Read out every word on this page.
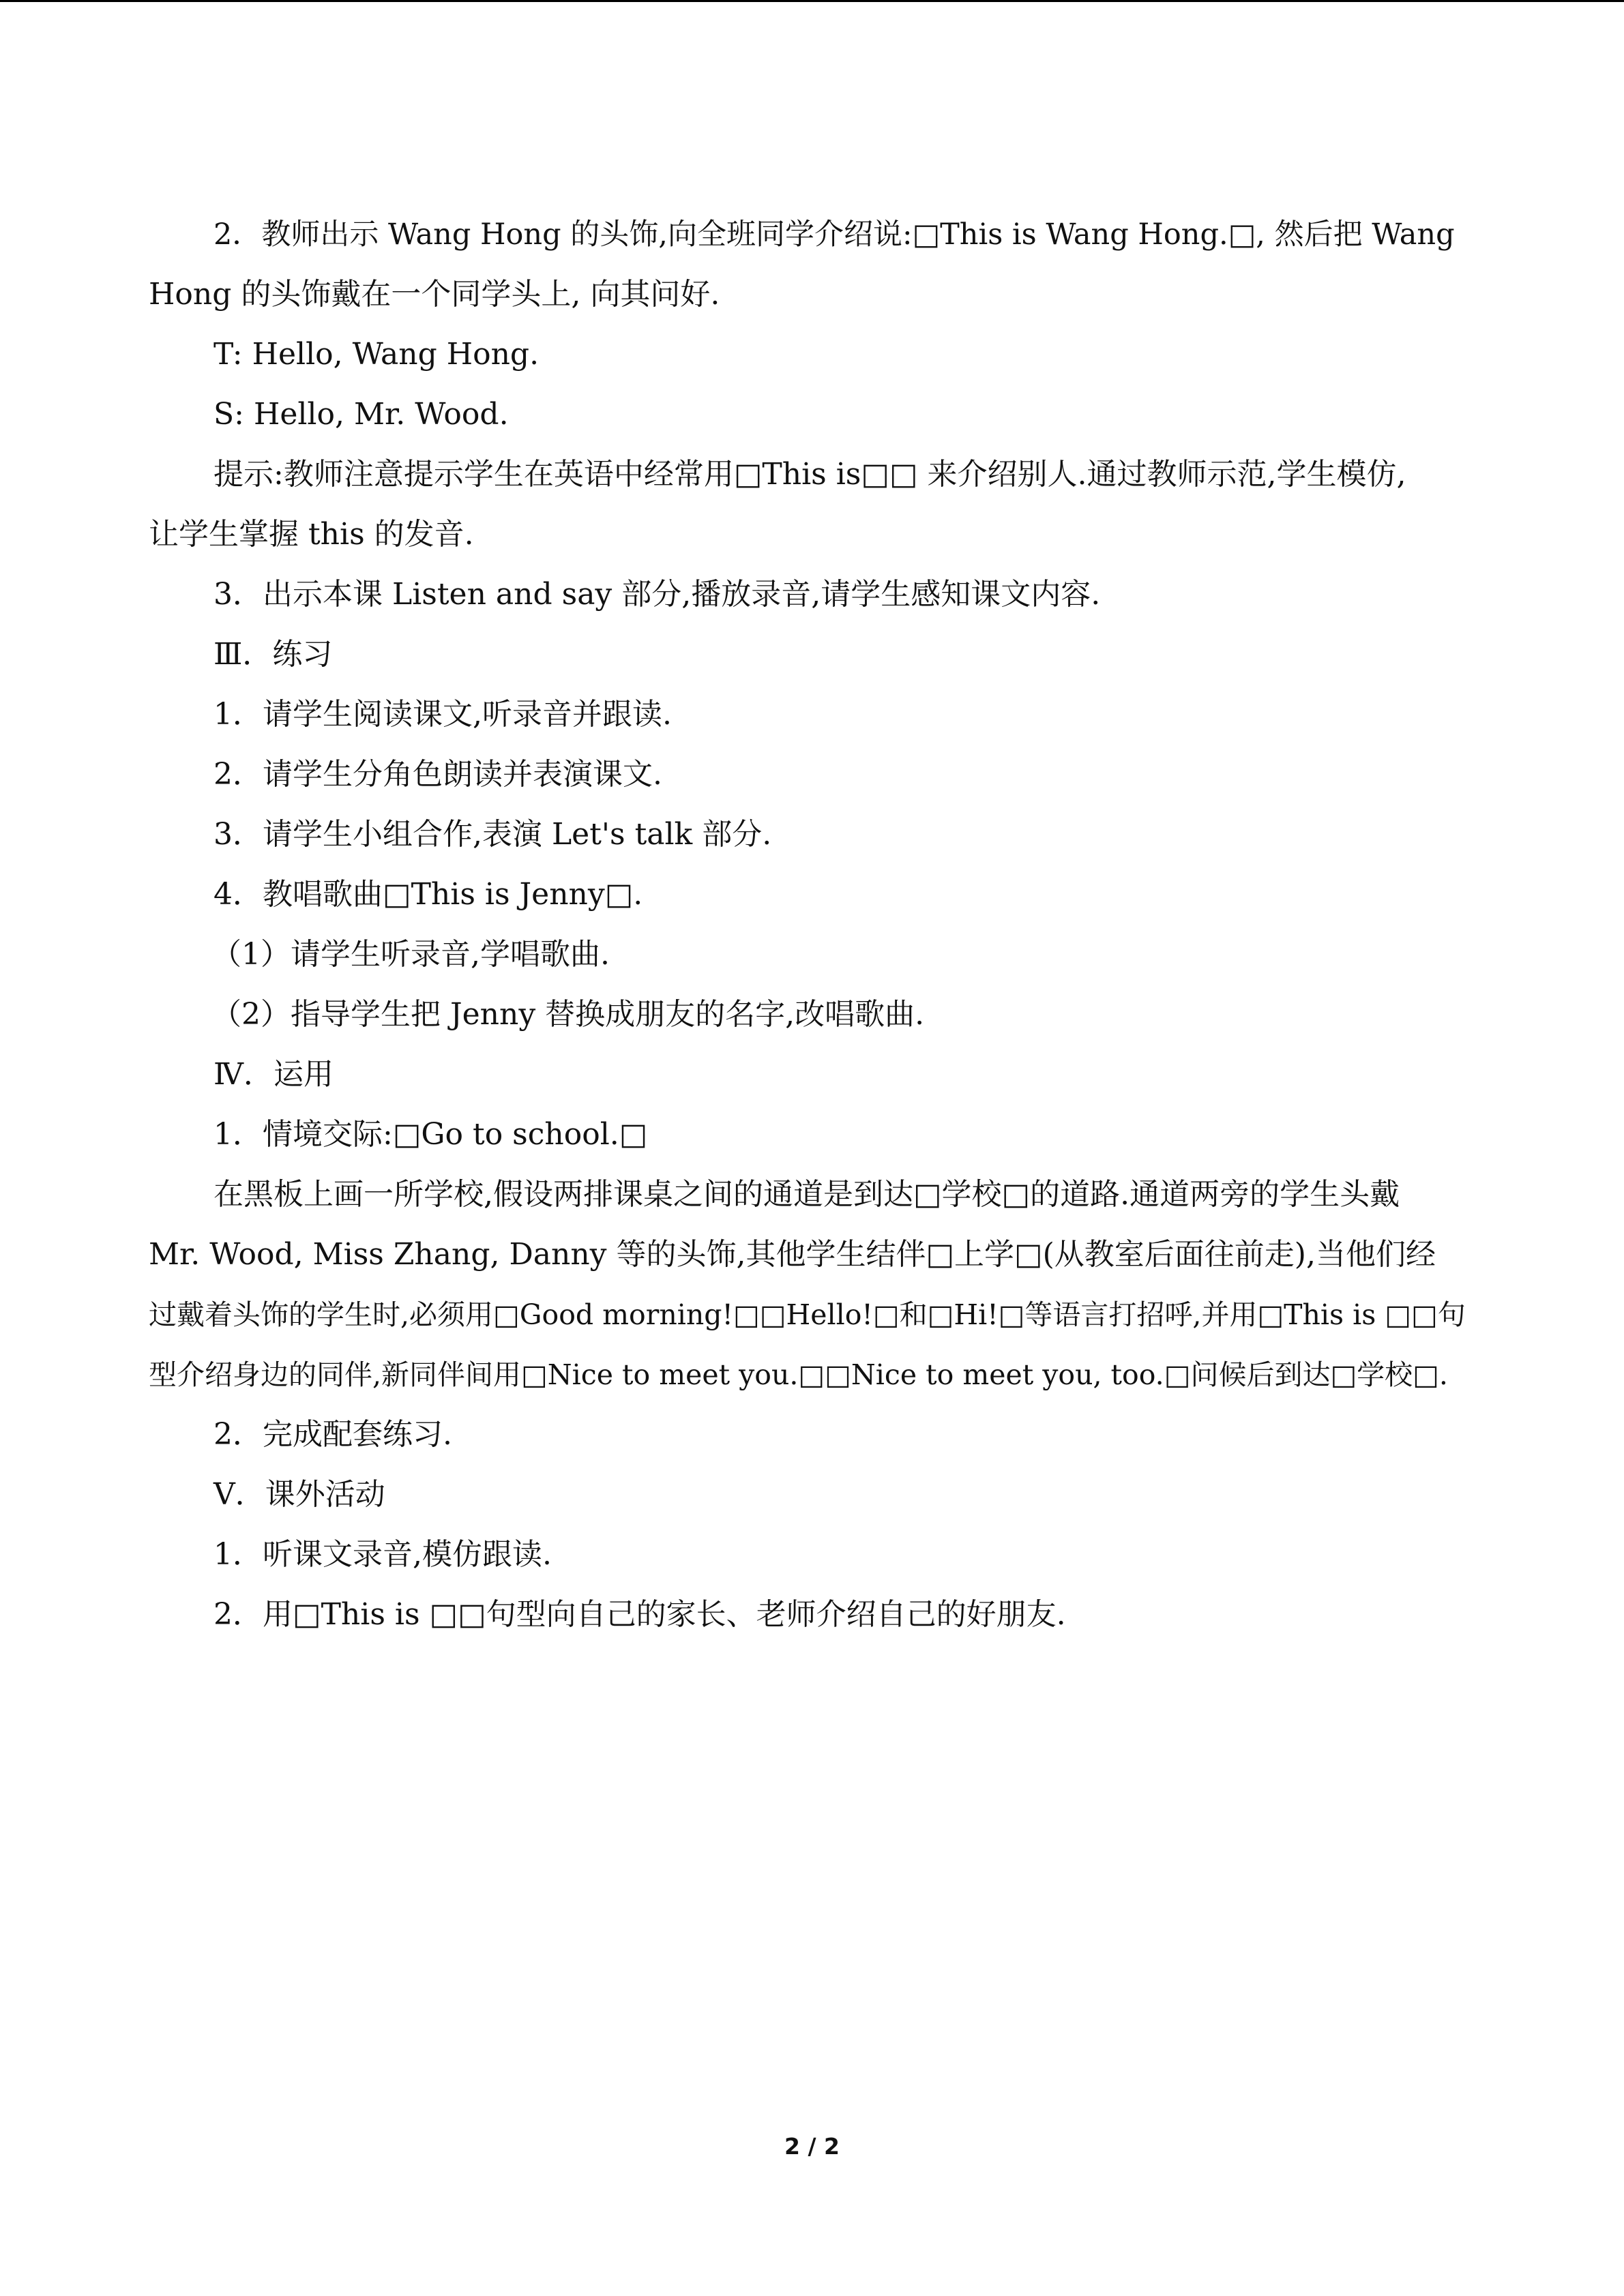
2．教师出示 Wang Hong 的头饰,向全班同学介绍说:□This is Wang Hong.□, 然后把 Wang

Hong 的头饰戴在一个同学头上, 向其问好.

T: Hello, Wang Hong.

S: Hello, Mr. Wood.

提示:教师注意提示学生在英语中经常用□This is□□ 来介绍别人.通过教师示范,学生模仿,

让学生掌握 this 的发音.

3．出示本课 Listen and say 部分,播放录音,请学生感知课文内容.

Ⅲ．练习

1．请学生阅读课文,听录音并跟读.

2．请学生分角色朗读并表演课文.

3．请学生小组合作,表演 Let's talk 部分.

4．教唱歌曲□This is Jenny□.

（1）请学生听录音,学唱歌曲.

（2）指导学生把 Jenny 替换成朋友的名字,改唱歌曲.

Ⅳ．运用

1．情境交际:□Go to school.□

在黑板上画一所学校,假设两排课桌之间的通道是到达□学校□的道路.通道两旁的学生头戴

Mr. Wood, Miss Zhang, Danny 等的头饰,其他学生结伴□上学□(从教室后面往前走),当他们经

过戴着头饰的学生时,必须用□Good morning!□□Hello!□和□Hi!□等语言打招呼,并用□This is □□句

型介绍身边的同伴,新同伴间用□Nice to meet you.□□Nice to meet you, too.□问候后到达□学校□.

2．完成配套练习.

Ⅴ．课外活动

1．听课文录音,模仿跟读.

2．用□This is □□句型向自己的家长、老师介绍自己的好朋友.

2 / 2
